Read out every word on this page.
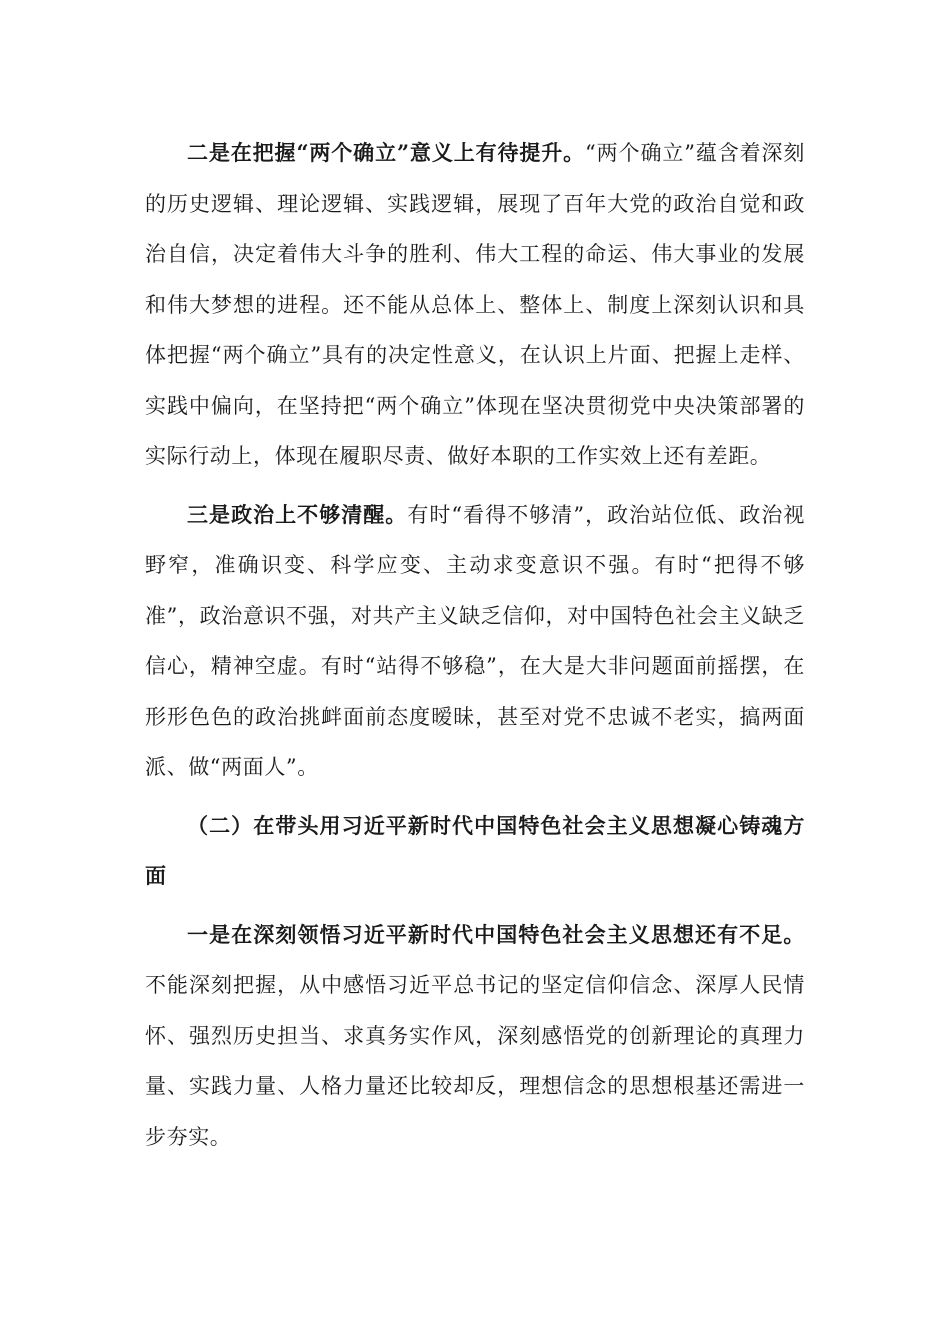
二是在把握“两个确立”意义上有待提升。“两个确立”蕴含着深刻的历史逻辑、理论逻辑、实践逻辑，展现了百年大党的政治自觉和政治自信，决定着伟大斗争的胜利、伟大工程的命运、伟大事业的发展和伟大梦想的进程。还不能从总体上、整体上、制度上深刻认识和具体把握“两个确立”具有的决定性意义，在认识上片面、把握上走样、实践中偏向，在坚持把“两个确立”体现在坚决贯彻党中央决策部署的实际行动上，体现在履职尽责、做好本职的工作实效上还有差距。

三是政治上不够清醒。有时“看得不够清”，政治站位低、政治视野窄，准确识变、科学应变、主动求变意识不强。有时“把得不够准”，政治意识不强，对共产主义缺乏信仰，对中国特色社会主义缺乏信心，精神空虚。有时“站得不够稳”，在大是大非问题面前摇摆，在形形色色的政治挑衅面前态度暧昧，甚至对党不忠诚不老实，搞两面派、做“两面人”。

（二）在带头用习近平新时代中国特色社会主义思想凝心铸魂方面

一是在深刻领悟习近平新时代中国特色社会主义思想还有不足。不能深刻把握，从中感悟习近平总书记的坚定信仰信念、深厚人民情怀、强烈历史担当、求真务实作风，深刻感悟党的创新理论的真理力量、实践力量、人格力量还比较却反，理想信念的思想根基还需进一步夯实。
